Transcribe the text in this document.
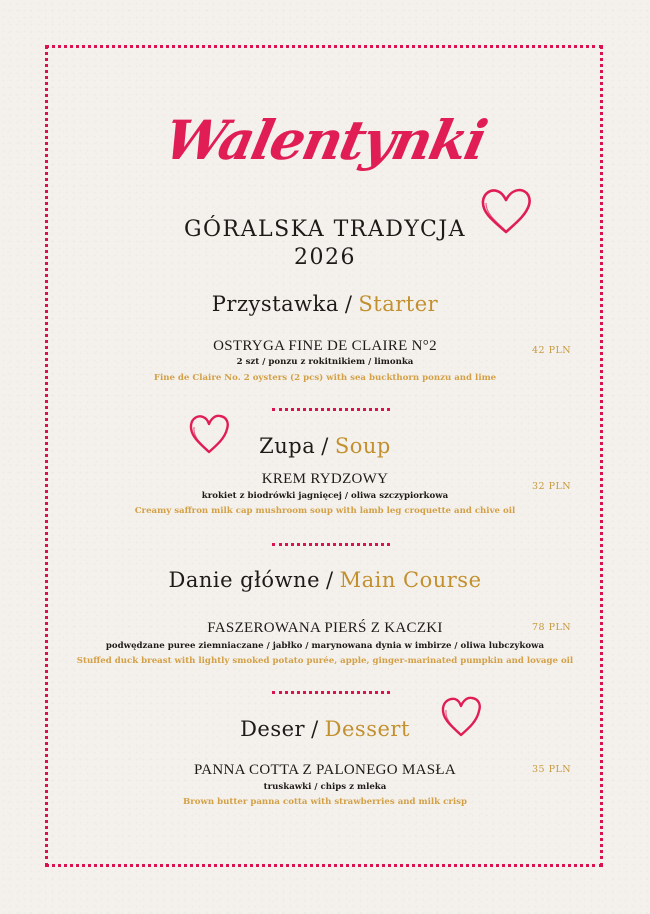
Walentynki
GÓRALSKA TRADYCJA
2026
Przystawka / Starter
OSTRYGA FINE DE CLAIRE N°2	42 PLN
2 szt / ponzu z rokitnikiem / limonka
Fine de Claire No. 2 oysters (2 pcs) with sea buckthorn ponzu and lime
Zupa / Soup
KREM RYDZOWY	32 PLN
krokiet z biodrówki jagnięcej / oliwa szczypiorkowa
Creamy saffron milk cap mushroom soup with lamb leg croquette and chive oil
Danie główne / Main Course
FASZEROWANA PIERŚ Z KACZKI	78 PLN
podwędzane puree ziemniaczane / jabłko / marynowana dynia w imbirze / oliwa lubczykowa
Stuffed duck breast with lightly smoked potato purée, apple, ginger-marinated pumpkin and lovage oil
Deser / Dessert
PANNA COTTA Z PALONEGO MASŁA	35 PLN
truskawki / chips z mleka
Brown butter panna cotta with strawberries and milk crisp
